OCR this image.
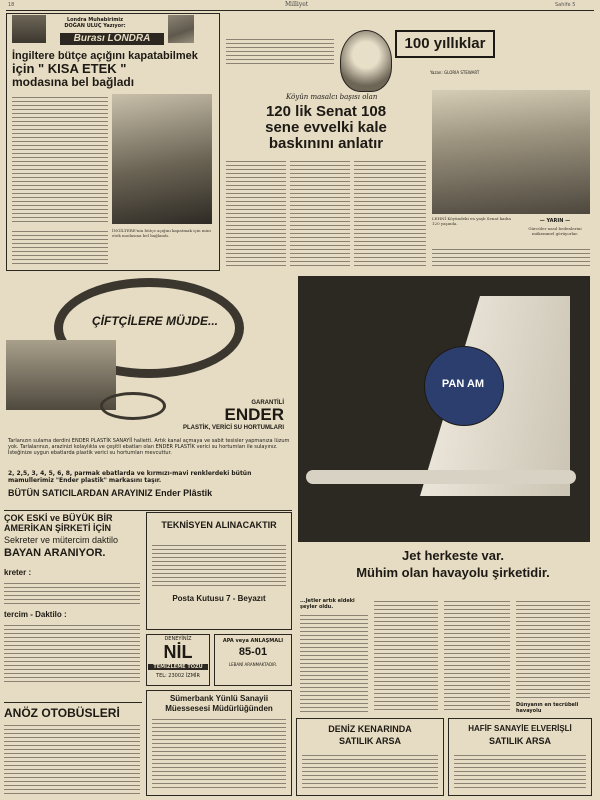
18	Milliyet	Sahife 5
Londra Muhabirimiz DOĞAN ULUÇ Yazıyor:
Burası LONDRA
İngiltere bütçe açığını kapatabilmek
için " KISA ETEK "
modasına bel bağladı
İNGİLTERE'nin bütçe açığını kapatmak için mini etek modasına bel bağlandı.
100 yıllıklar
Yazan: GLORIA STEWART
Köyün masalcı başısı olan
120 lik Senat 108
sene evvelki kale
baskınını anlatır
LEHNİ Köyündeki en yaşlı Senat kadın 120 yaşında.	— YARIN —
Gürcüler nasıl bedenlerini mükemmel görüyorlar.
ÇİFTÇİLERE MÜJDE...
GARANTİLİ
ENDER
PLASTİK, VERİCİ SU HORTUMLARI
Tarlanızın sulama derdini ENDER PLASTİK SANAYİİ halletti. Artık kanal açmaya ve sabit tesisler yapmanıza lüzum yok. Tarlalarınızı, arazinizi kolaylıkla ve çeşitli ebatları olan ENDER PLASTİK verici su hortumları ile sulayınız. İsteğinize uygun ebatlarda plastik verici su hortumları mevcuttur.
2, 2,5, 3, 4, 5, 6, 8, parmak ebatlarda ve kırmızı-mavi renklerdeki bütün mamullerimiz "Ender plastik" markasını taşır.
BÜTÜN SATICILARDAN ARAYINIZ Ender Plâstik
PAN AM
Jet herkeste var.
Mühim olan havayolu şirketidir.
...Jetler artık eldeki şeyler oldu.
Dünyanın en tecrübeli havayolu
ÇOK ESKİ ve BÜYÜK BİR AMERİKAN ŞİRKETİ İÇİN
Sekreter ve mütercim daktilo
BAYAN ARANIYOR.
kreter :
tercim - Daktilo :
TEKNİSYEN ALINACAKTIR
Posta Kutusu 7 - Beyazıt
DENEYİNİZ
NİL
TEMİZLEME TOZU
TEL: 23002 İZMİR
APA veya ANLAŞMALI
85-01
LEBANİ ARANMAKTADIR.
Sümerbank Yünlü Sanayii
Müessesesi Müdürlüğünden
ANÖZ OTOBÜSLERİ
DENİZ KENARINDA
SATILIK ARSA
HAFİF SANAYİE ELVERİŞLİ
SATILIK ARSA
